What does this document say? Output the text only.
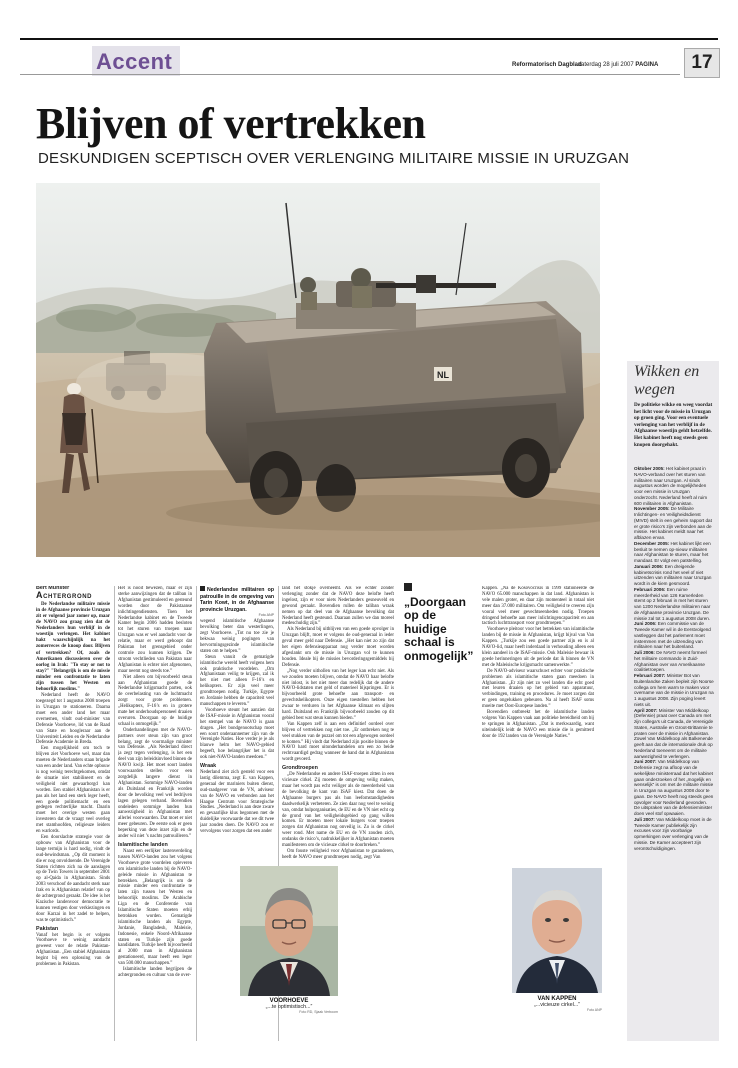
Accent	Reformatorisch Dagblad
zaterdag 28 juli 2007 PAGINA	17
Blijven of vertrekken
DESKUNDIGEN SCEPTISCH OVER VERLENGING MILITAIRE MISSIE IN URUZGAN
NL	Wikken en wegen
De politieke wikke en weeg voordat het licht voor de missie in Uruzgan op groen ging. Voor een eventuele verlenging van het verblijf in de Afghaanse woestijn geldt hetzelfde. Het kabinet heeft nog steeds geen knopen doorgehakt.
Oktober 2005: Het kabinet praat in NAVO-verband over het sturen van militairen naar Uruzgan. Al sinds augustus worden de mogelijkheden voor een missie in Uruzgan onderzocht. Nederland heeft al ruim 600 militairen in Afghanistan.
November 2005: De Militaire Inlichtingen- en Veiligheidsdienst (MIVD) stelt in een geheim rapport dat er grote risico’s zijn verbonden aan de missie. Het kabinet meldt naar het afblazen ervan.
December 2005: Het kabinet lijkt een besluit te nemen op-nieuw militairen naar Afghanistan te sturen, maar het mandaat. Er volgt een patstelling.
Januari 2006: Een dreigende kabinetscrisis rond het veel of niet uitzenden van militairen naar Uruzgan wordt in de kiem gesmoord.
Februari 2006: Een ruime meerderheid van 126 Kamerleden stemt op 2 februari in met het sturen van 1200 Nederlandse militairen naar de Afghaanse provincie Uruzgan. De missie zal tot 1 augustus 2008 duren.
Juni 2006: Een commissie van de Tweede Kamer wil in de Eerstvolgend vastleggen dat het parlement moet instemmen met de uitzending van militairen naar het buitenland.
Juli 2006: De NAVO neemt formeel het militaire commando in Zuid-Afghanistan over van Amerikaanse coalitietroepen.
Februari 2007: Minister Bot van Buitenlandse Zaken bepleit zijn Noorse collega om hem warm te maken voor overname van de missie in Uruzgan na 1 augustus 2008. Zijn poging levert niets uit.
April 2007: Minister Van Middelkoop (Defensie) praat over Canada om met zijn collega’s uit Canada, de Verenigde Staten, Australie en Groot-Brittannie te praten over de missie in Afghanistan. Zowel Van Middelkoop als Balkenende geeft aan dat de internationale druk op Nederland toeneemt om de militaire aanwezigheid te verlengen.
Juni 2007: Van Middelkoop van Defensie zegt na afloop van de wekelijkse ministerraad dat het kabinet gaan onderzoeken of het „mogelijk en wenselijk” is om met de militaire missie in Uruzgan na augustus 2008 door te gaan. De NAVO heeft nog steeds geen opvolger voor Nederland gevonden. De uitspraken van de defensieminister doen veel stof opwaaien.
Juli 2007: Van Middelkoop moet in de Tweede Kamer publiekelijk zijn excuses voor zijn voorbarige opmerkingen over verlenging van de missie. De Kamer accepteert zijn verontschuldigingen.
Bert Munster
Achtergrond

De Nederlandse militaire missie in de Afghaanse provincie Uruzgan zit er volgend jaar zomer op, maar de NAVO zou graag zien dat de Nederlanders hun verblijf in de woestijn verlengen. Het kabinet hakt waarschijnlijk na het zomerreces de knoop door. Blijven of vertrekken? Of, zoals de Amerikanen discussieren over de oorlog in Irak: "To stay or not to stay?" "Belangrijk is om de missie minder een confrontatie te laten zijn tussen het Westen en behoorlijk moslims."

Nederland heeft de NAVO toegezegd tot 1 augustus 2008 troepen in Uruzgan te stationeren. Daarna moet een ander land het maar overnemen, vindt oud-minister van Defensie Voorhoeve, lid van de Raad van State en hoogleraar aan de Universiteit Leiden en de Nederlandse Defensie Academie in Breda.

Een mogelijkheid om toch te blijven ziet Voorhoeve wel, maar dan moeten de Nederlanders staan brigade van een ander land. Van echte opbouw is nog weinig terechtgekomen, omdat de situatie niet stabiliseert en de veiligheid niet gewaarborgd kan worden. Een stabiel Afghanistan is er pas als het land een sterk leger heeft, een goede politiemacht en een gedegen rechterlijke macht. Daarin moet het overige westen gaan investeren dat de vraagt veel overleg met stamhoofden, religieuze leiders en warlords.

Een doorslachte strategie voor de opbouw van Afghanistan voor de lange termijn is hard nodig, vindt de oud-bewindsman. „Op dit moment is die er nog onvoldoende. De Verenigde Staten richtten zich na de aanslagen op de Twin Towers in september 2001 op al-Qaida in Afghanistan. Sinds 2003 verschoof de aandacht sterk naar Irak en is Afghanistan relatief van op de achtergrond geraakt. De idee is het Kazische landenvoor democratie te kunnen vestigen door verkiezingen en door Karzai in het zadel te helpen, was te optimistisch.”

Pakistan

Vanaf het begin is er volgens Voorhoeve te weinig aandacht geweest voor de relatie Pakistan-Afghanistan. „Een stabiel Afghanistan begint bij een oplossing van de problemen in Pakistan.

Het is nooit bewezen, maar er zijn sterke aanwijzingen dat de taliban in Afghanistan gestimuleerd en gesteund worden door de Pakistaanse inlichtingendiensten. Toen het Nederlandse kabinet en de Tweede Kamer begin 2006 hadden besloten tot het sturen van troepen naar Uruzgan was er wel aandacht voor de relatie, maar er werd gehoopt dat Pakistan het grensgebied onder controle zou kunnen krijgen. De stroom vechtlieden van Pakistan naar Afghanistan is echter niet afgenomen, maar neemt nog steeds toe.”

Niet alleen om bijvoorbeeld steun aan Afghanistan goede de Nederlandse krijgsmacht parten, ook de overbelasting van de luchtmacht zorgt voor grote problemen. „Helikopters, F-16’s en in grotere mate het onderhoudspersoneel draaien overuren. Doorgaan op de huidige schaal is onmogelijk.”

Onderhandelingen met de NAVO-partners over steun zijn van groot belang, zegt de voormalige minister van Defensie. „Als Nederland direct ja zegt tegen verlenging, is het een deel van zijn beleidsinvloed binnen de NAVO kwijt. Het moet soort landen voorwaarden stellen voor een zorgdelijk langere dienst in Afghanistan. Sommige NAVO-landen als Duitsland en Frankrijk worden door de bevolking veel wel bedrijven lagen gelegen verband. Bovendien ondeleden sommige landen hun aanwezigheid in Afghanistan met allerlei voorwaarden. Dat moet er niet meer gebeuren. De eerste ook er geen beperking van deze inzet zijn en de ander wil niet ’s nachts patrouilleren.”

Islamitische landen

Naast een eerlijker lastenverdeling tussen NAVO-landen zou het volgens Voorhoeve grote voordelen opleveren om islamitische landen bij de NAVO-geleide missie in Afghanistan te betrekken. „Belangrijk is om de missie minder een confrontatie te laten zijn tussen het Westen en behoorlijk moslims. De Arabische Liga en de Conferentie van Islamitische Staten moeten erbij betrokken worden. Gematigde islamitische landen als Egypte, Jordanie, Bangladesh, Maleisie, Indonesie, enkele Noord-Afrikaanse staten en Turkije zijn goede kandidaten. Turkije heeft bijvoorbeeld al 2000 man in Afghanistan gestationeerd, maar heeft een leger van 500.000 manschappen.”

Islamitische landen begrijpen de achtergronden en cultuur van de over-

Nederlandse militairen op patrouille in de omgeving van Tarin Kowt, in de Afghaanse provincie Uruzgan.
Foto ANP

wegend islamitische Afghaanse bevolking beter dan westerlingen, zegt Voorhoeve. „Tot nu toe zie je bekwaa weinig pogingen van hervormingsgezinde islamitische staten om te helpen.”

Steun vanuit de gematigde islamitische wereld heeft volgens hem ook praktische voordelen. „Om Afghanistaan veilig te krijgen, zal ik het niet met alleen F-16’s en helikopters. Er zijn veel meer grondtroepen nodig. Turkije, Egypte en Jordanie hebben de capaciteit veel manschappen te leveren.”

Voorhoeve steunt het aanzien dat de ISAF-missie in Afghanistan vooral het stempel van de NAVO is gaan dragen. „Het bondgenootschap moet een soort onderaannemer zijn van de Verenigde Naties. Hoe verder je je als blauwe helm het NAVO-gebied begeeft, hoe belangrijker het is dat ook niet-NAVO-landen meedoen.”

Wraak

Nederland ziet zich gesteld voor een lastig dilemma, zegt E. van Kappen, generaal der mariniers buiten dienst, oud-raadgever van de VN, adviseur van de NAVO en verbonden aan het Haagse Centrum voor Strategische Studies. „Nederland is aan deze zware en gevaarlijke klus begonnen met de duidelijke voorwaarde dat we dit twee jaar zouden doen. De NAVO zou er vervolgens voor zorgen dat een ander

land het stokje overneemt. Als we echter zonder verlenging zonder dat de NAVO deze belofte heeft ingelost, zijn er voor niets Nederlanders gesneuveld en gewond geraakt. Bovendien rullen de taliban wraak nemen op dat deel van de Afghaanse bevolking dat Nederland heeft gesteund. Daaraan zullen we dan moreel medeschuldig zijn.”

Als Nederland bij uitblijven van een goede opvolger in Uruzgan blijft, moet er volgens de oud-generaal in ieder geval meer geld naar Defensie. „Het kan niet zo zijn dat het eigen defensieapparaat nog verder moet worden afgeslankt om de missie in Uruzgan vol te kunnen houden. Ideale bij de missies bevorderingsgemiddels bij Defensie.

„Nog verder uithollen van het leger kan echt niet. Als we zouden moeten blijven, omdat de NAVO haar belofte niet inlost, is het niet meer dan redelijk dat de andere NAVO-lidstaten met geld of materieel bijspringen. Er is bijvoorbeeld grote behoefte aan transport- en gevechtshelikopters. Onze eigen toestellen hebben het zwaar te verduren in het Afghaanse klimaat en slijten hard. Duitsland en Frankrijk bijvoorbeeld zouden op dit gebied best wat steun kunnen bieden.”

Van Kappen zelf is aan een definitief oordeel over blijven of vertrekken nog niet toe. „Er ontbreken nog te veel stukken van de puzzel om tot een afgewogen oordeel te komen.” Hij vindt dat Nederland zijn positie binnen de NAVO hard moet uitonderhandelen om een zo beide rechtvaardigd gedrag wanneer de hand dat in Afghanistan wordt gevoerd.

Grondtroepen

„De Nederlandse en andere ISAF-troepen zitten in een vicieuze cirkel. Zij moeten de omgeving veilig maken, maar het wordt pas echt veiliger als de meerderheid van de bevolking de kant van ISAF kiest. Dat doen de Afghaanse burgers pas als hun leefomstandigheden daadwerkelijk verbeteren. Ze zien daar nog veel te weinig van, omdat hulporganisaties, de EU en de VN niet echt op de grond van het veiligheidsgebied op gang willen komen. Er moeten meer lokale burgers voor troepen zorgen dat Afghanistan nog onveilig is. Zo is de cirkel weer rond. Met name de EU en de VN zouden zich, ondanks de risico’s, nadrukkelijker in Afghanistan moeten manifesteren om de vicieuze cirkel te doorbreken.”

Om fouste veiligheid voor Afghanistan te garanderen, heeft de NAVO meer grondtroepen nodig, zegt Van

„Doorgaan op de huidige schaal is onmogelijk”

Kappen. „Na de Kosovocrisis in 1999 stationeerde de NAVO 65.000 manschappen in dat land. Afghanistan is vele malen groter, en daar zijn momenteel in totaal niet meer dan 37.000 militairen. Om veiligheid te creeren zijn vooral veel meer gevechtseenheden nodig. Troepen dringend behoefte aan meer inlichtingencapaciteit en aan tactisch luchttransport voor grondtroepen.”

Voorhoeve pleitoor voor het betrekken van islamitische landen bij de missie in Afghanistan, krijgt bijval van Van Kappen. „Turkije zou een goede partner zijn en is al NAVO-lid, maar heeft inderdaad in verhouding alleen een klein aandeel in de ISAF-missie. Ook Maleisie bewaar ik goede herinneringen uit de periode dat ik binnen de VN met de Maleisische krijgsmacht samenwerkte.”

De NAVO-adviseur waarschuwt echter voor praktische problemen als islamitische staten gaan meedoen in Afghanistan. „Er zijn niet zo veel landen die echt goed met leuren draaien op het gebied van apparatuur, verbindingen, training en procedures. Je moet zorgen dat er geen ongelukken gebeuren. Na al heeft ISAF soms moeite met Oost-Europese landen.”

Bovendien ontbreekt het de islamitische landen volgens Van Kappen vaak aan politieke bereidheid om bij te springen in Afghanistan. „Dat is merkwaardig, want uiteindelijk leidt de NAVO een missie die is gemitterd door de 192 landen van de Verenigde Naties.”

VOORHOEVE
„...te optimistisch...”
Foto RD, Sjaak Verboom
VAN KAPPEN
„...vicieuze cirkel...”
Foto ANP
